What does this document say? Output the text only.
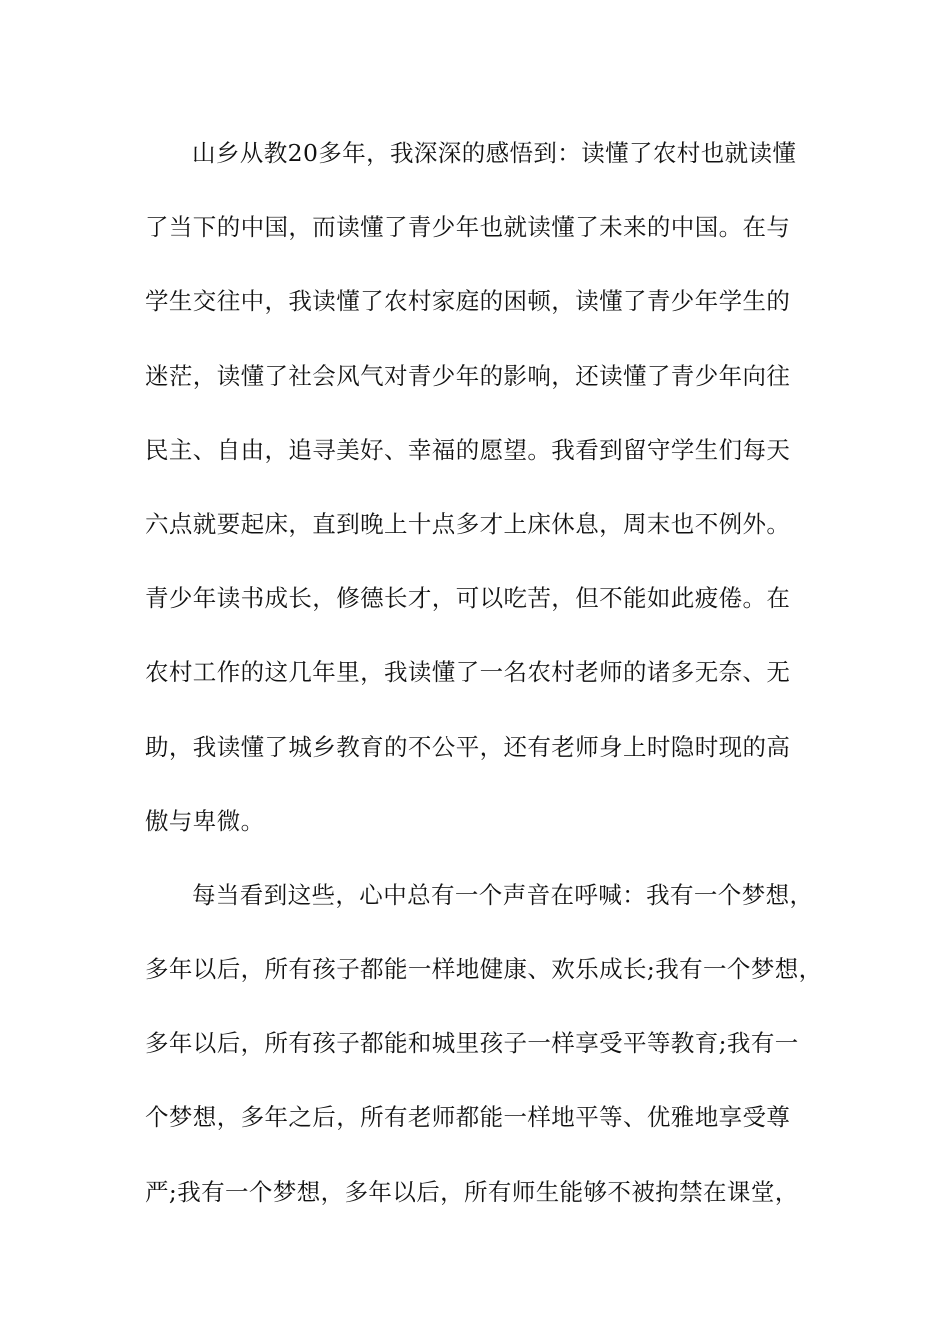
山乡从教20多年，我深深的感悟到：读懂了农村也就读懂
了当下的中国，而读懂了青少年也就读懂了未来的中国。在与
学生交往中，我读懂了农村家庭的困顿，读懂了青少年学生的
迷茫，读懂了社会风气对青少年的影响，还读懂了青少年向往
民主、自由，追寻美好、幸福的愿望。我看到留守学生们每天
六点就要起床，直到晚上十点多才上床休息，周末也不例外。
青少年读书成长，修德长才，可以吃苦，但不能如此疲倦。在
农村工作的这几年里，我读懂了一名农村老师的诸多无奈、无
助，我读懂了城乡教育的不公平，还有老师身上时隐时现的高
傲与卑微。
每当看到这些，心中总有一个声音在呼喊：我有一个梦想，
多年以后，所有孩子都能一样地健康、欢乐成长;我有一个梦想，
多年以后，所有孩子都能和城里孩子一样享受平等教育;我有一
个梦想，多年之后，所有老师都能一样地平等、优雅地享受尊
严;我有一个梦想，多年以后，所有师生能够不被拘禁在课堂，
